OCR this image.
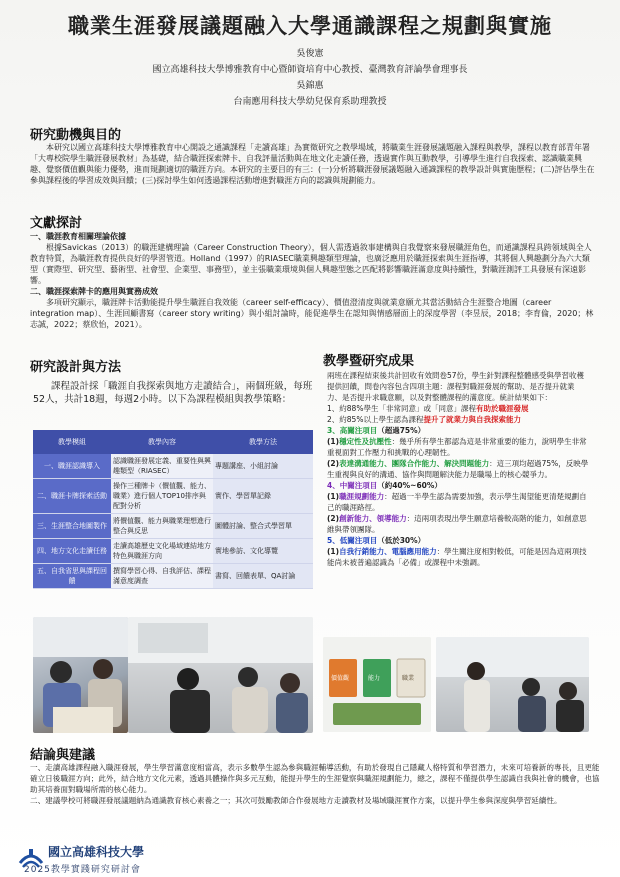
職業生涯發展議題融入大學通識課程之規劃與實施
吳俊憲
國立高雄科技大學博雅教育中心暨師資培育中心教授、臺灣教育評論學會理事長
吳錦惠
台南應用科技大學幼兒保育系助理教授
研究動機與目的
本研究以國立高雄科技大學博雅教育中心開設之通識課程「走讀高雄」為實徵研究之教學場域，將職業生涯發展議題融入課程與教學，課程以教育部青年署「大專校院學生職涯發展教材」為基礎，結合職涯探索牌卡、自我評量活動與在地文化走讀任務，透過實作與互動教學，引導學生進行自我探索、認識職業興趣、覺察價值觀與能力優勢，進而規劃適切的職涯方向。本研究的主要目的有三：(一)分析將職涯發展議題融入通識課程的教學設計與實施歷程；(二)評估學生在參與課程後的學習成效與回饋；(三)探討學生如何透過課程活動增進對職涯方向的認識與規劃能力。
文獻探討

一、職涯教育相關理論依據

根據Savickas（2013）的職涯建構理論（Career Construction Theory），個人需透過敘事建構與自我覺察來發展職涯角色，而通識課程具跨領域與全人教育特質，為職涯教育提供良好的學習管道。Holland（1997）的RIASEC職業興趣類型理論，也廣泛應用於職涯探索與生涯指導，其將個人興趣劃分為六大類型（實際型、研究型、藝術型、社會型、企業型、事務型），並主張職業環境與個人興趣型態之匹配將影響職涯滿意度與持續性，對職涯測評工具發展有深遠影響。

二、職涯探索牌卡的應用與實務成效

多項研究顯示，職涯牌卡活動能提升學生職涯自我效能（career self-efficacy）、價值澄清度與就業意願尤其當活動結合生涯整合地圖（career integration map）、生涯回顧書寫（career story writing）與小組討論時，能促進學生在認知與情感層面上的深度學習（李昱辰，2018；李育倫，2020；林志誠，2022；蔡欣怡，2021）。

研究設計與方法
課程設計採「職涯自我探索與地方走讀結合」，兩個班級，每班52人，共計18週，每週2小時。以下為課程模組與教學策略：
教學模組	教學內容	教學方法
一、職涯認識導入	認識職涯發展定義、重要性與興趣類型（RIASEC）	專題講座、小組討論
二、職涯卡牌探索活動	操作三種牌卡（價值觀、能力、職業）進行個人TOP10排序與配對分析	實作、學習單記錄
三、生涯整合地圖製作	將價值觀、能力與職業理想進行整合與反思	圖體討論、整合式學習單
四、地方文化走讀任務	走讀高雄歷史文化場域連結地方特色與職涯方向	實地參訪、文化導覽
五、自我省思與課程回饋	撰寫學習心得、自我評估、課程滿意度調查	書寫、回饋表單、QA討論
教學暨研究成果

兩班在課程結束後共計回收有效問卷57份，學生針對課程整體感受與學習收穫提供回饋，問卷內容包含四項主題：課程對職涯發展的幫助、是否提升就業力、是否提升求職意願，以及對整體課程的滿意度。統計結果如下：

1、約88%學生「非常同意」或「同意」課程有助於職涯發展

2、約85%以上學生認為課程提升了就業力與自我探索能力

3、高關注項目（超過75%）

(1)穩定性及抗壓性：幾乎所有學生都認為這是非常重要的能力，說明學生非常重視面對工作壓力和挑戰的心理韌性。

(2)表達溝通能力、團隊合作能力、解決問題能力：這三項均超過75%，反映學生重視與良好的溝通、協作與問題解決能力是職場上的核心競爭力。

4、中關注項目（約40%~60%）

(1)職涯規劃能力：超過一半學生認為需要加強，表示學生渴望能更清楚規劃自己的職涯路徑。

(2)創新能力、領導能力：這兩項表現出學生願意培養較高階的能力，如創意思維與帶領團隊。

5、低關注項目（低於30%）

(1)自我行銷能力、電腦應用能力：學生關注度相對較低，可能是因為這兩項技能尚未被普遍認識為「必備」或課程中未強調。

價值觀	能力	職業
結論與建議

一、走讀高雄課程融入職涯發展，學生學習滿意度相當高，表示多數學生認為參與職涯輔導活動，有助於發現自己隱藏人格特質和學習潛力，未來可培養新的專長，且更能確立日後職涯方向；此外，結合地方文化元素，透過具體操作與多元互動，能提升學生的生涯覺察與職涯規劃能力，總之，課程不僅提供學生認識自我與社會的機會，也協助其培養面對職場所需的核心能力。

二、建議學校可將職涯發展議題納為通識教育核心素養之一；其次可鼓勵教師合作發展地方走讀教材及場域職涯實作方案，以提升學生參與深度與學習延續性。

國立高雄科技大學
2025教學實踐研究研討會
